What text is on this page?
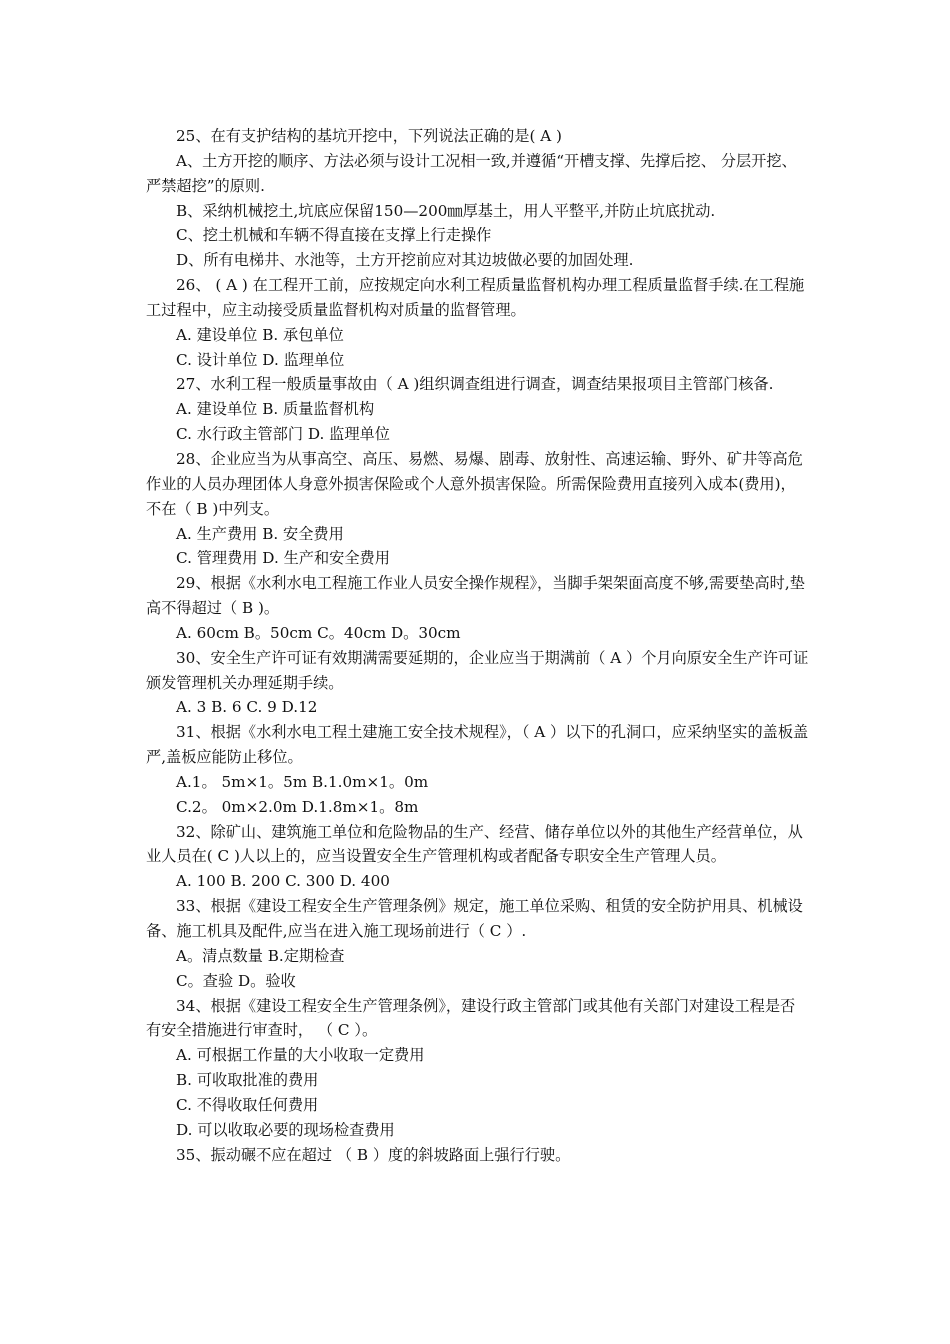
25、在有支护结构的基坑开挖中，下列说法正确的是( A )

A、土方开挖的顺序、方法必须与设计工况相一致,并遵循“开槽支撑、先撑后挖、 分层开挖、严禁超挖”的原则.

B、采纳机械挖土,坑底应保留150—200㎜厚基土，用人平整平,并防止坑底扰动.

C、挖土机械和车辆不得直接在支撑上行走操作

D、所有电梯井、水池等，土方开挖前应对其边坡做必要的加固处理.

26、 ( A ) 在工程开工前，应按规定向水利工程质量监督机构办理工程质量监督手续.在工程施工过程中，应主动接受质量监督机构对质量的监督管理。

A. 建设单位 B. 承包单位

C. 设计单位 D. 监理单位

27、水利工程一般质量事故由（ A )组织调查组进行调查，调查结果报项目主管部门核备.

A. 建设单位 B. 质量监督机构

C. 水行政主管部门 D. 监理单位

28、企业应当为从事高空、高压、易燃、易爆、剧毒、放射性、高速运输、野外、矿井等高危作业的人员办理团体人身意外损害保险或个人意外损害保险。所需保险费用直接列入成本(费用)，不在（ B )中列支。

A. 生产费用 B. 安全费用

C. 管理费用 D. 生产和安全费用

29、根据《水利水电工程施工作业人员安全操作规程》，当脚手架架面高度不够,需要垫高时,垫高不得超过（ B )。

A. 60cm B。50cm C。40cm D。30cm

30、安全生产许可证有效期满需要延期的，企业应当于期满前（ A ）个月向原安全生产许可证颁发管理机关办理延期手续。

A. 3 B. 6 C. 9 D.12

31、根据《水利水电工程土建施工安全技术规程》，（ A ）以下的孔洞口，应采纳坚实的盖板盖严,盖板应能防止移位。

A.1。 5m×1。5m B.1.0m×1。0m

C.2。 0m×2.0m D.1.8m×1。8m

32、除矿山、建筑施工单位和危险物品的生产、经营、储存单位以外的其他生产经营单位，从业人员在( C )人以上的，应当设置安全生产管理机构或者配备专职安全生产管理人员。

A. 100 B. 200 C. 300 D. 400

33、根据《建设工程安全生产管理条例》规定，施工单位采购、租赁的安全防护用具、机械设备、施工机具及配件,应当在进入施工现场前进行（ C ）.

A。清点数量 B.定期检查

C。查验 D。验收

34、根据《建设工程安全生产管理条例》，建设行政主管部门或其他有关部门对建设工程是否有安全措施进行审查时， （ C ）。

A. 可根据工作量的大小收取一定费用

B. 可收取批准的费用

C. 不得收取任何费用

D. 可以收取必要的现场检查费用

35、振动碾不应在超过 （ B ）度的斜坡路面上强行行驶。
